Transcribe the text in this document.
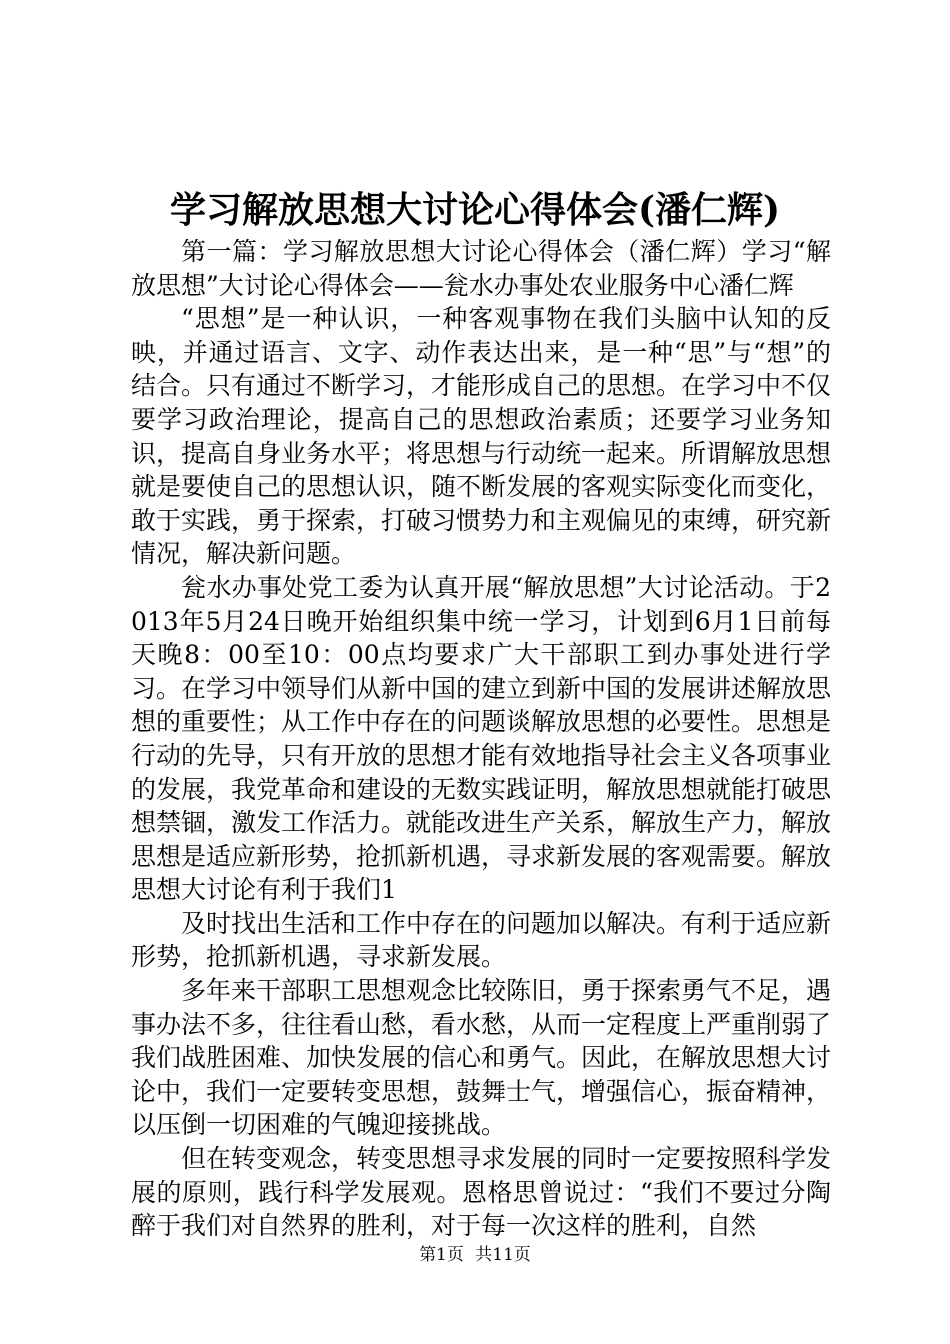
学习解放思想大讨论心得体会(潘仁辉)

第一篇：学习解放思想大讨论心得体会（潘仁辉）学习“解放思想”大讨论心得体会——瓮水办事处农业服务中心潘仁辉

“思想”是一种认识，一种客观事物在我们头脑中认知的反映，并通过语言、文字、动作表达出来，是一种“思”与“想”的结合。只有通过不断学习，才能形成自己的思想。在学习中不仅要学习政治理论，提高自己的思想政治素质；还要学习业务知识，提高自身业务水平；将思想与行动统一起来。所谓解放思想就是要使自己的思想认识，随不断发展的客观实际变化而变化，敢于实践，勇于探索，打破习惯势力和主观偏见的束缚，研究新情况，解决新问题。

瓮水办事处党工委为认真开展“解放思想”大讨论活动。于2013年5月24日晚开始组织集中统一学习，计划到6月1日前每天晚8：00至10：00点均要求广大干部职工到办事处进行学习。在学习中领导们从新中国的建立到新中国的发展讲述解放思想的重要性；从工作中存在的问题谈解放思想的必要性。思想是行动的先导，只有开放的思想才能有效地指导社会主义各项事业的发展，我党革命和建设的无数实践证明，解放思想就能打破思想禁锢，激发工作活力。就能改进生产关系，解放生产力，解放思想是适应新形势，抢抓新机遇，寻求新发展的客观需要。解放思想大讨论有利于我们1

及时找出生活和工作中存在的问题加以解决。有利于适应新形势，抢抓新机遇，寻求新发展。

多年来干部职工思想观念比较陈旧，勇于探索勇气不足，遇事办法不多，往往看山愁，看水愁，从而一定程度上严重削弱了我们战胜困难、加快发展的信心和勇气。因此，在解放思想大讨论中，我们一定要转变思想，鼓舞士气，增强信心，振奋精神，以压倒一切困难的气魄迎接挑战。

但在转变观念，转变思想寻求发展的同时一定要按照科学发展的原则，践行科学发展观。恩格思曾说过：“我们不要过分陶醉于我们对自然界的胜利，对于每一次这样的胜利，自然

第1页 共11页
